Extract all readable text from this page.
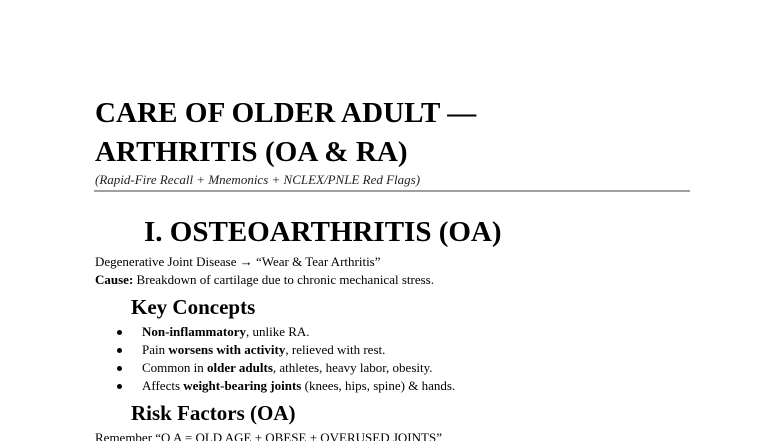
CARE OF OLDER ADULT —
ARTHRITIS (OA & RA)
(Rapid-Fire Recall + Mnemonics + NCLEX/PNLE Red Flags)
I. OSTEOARTHRITIS (OA)
Degenerative Joint Disease → “Wear & Tear Arthritis”
Cause: Breakdown of cartilage due to chronic mechanical stress.
Key Concepts
Non-inflammatory, unlike RA.
Pain worsens with activity, relieved with rest.
Common in older adults, athletes, heavy labor, obesity.
Affects weight-bearing joints (knees, hips, spine) & hands.
Risk Factors (OA)
Remember “O A = OLD AGE + OBESE + OVERUSED JOINTS”
